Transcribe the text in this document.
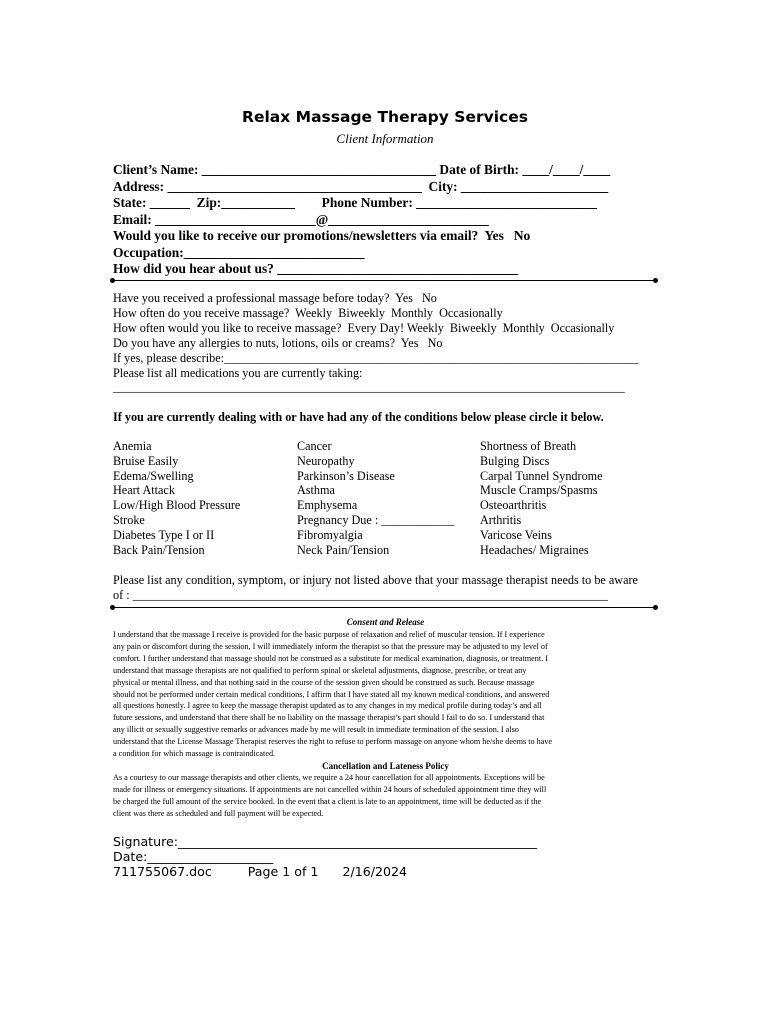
Relax Massage Therapy Services
Client Information
Client’s Name: ___________________________________ Date of Birth: ____/____/____
Address: ______________________________________  City: ______________________
State: ______  Zip:___________        Phone Number: ___________________________
Email: ________________________@________________________
Would you like to receive our promotions/newsletters via email?  Yes   No
Occupation:___________________________
How did you hear about us? ____________________________________
Have you received a professional massage before today?  Yes   No
How often do you receive massage?  Weekly  Biweekly  Monthly  Occasionally
How often would you like to receive massage?  Every Day! Weekly  Biweekly  Monthly  Occasionally
Do you have any allergies to nuts, lotions, oils or creams?  Yes   No
If yes, please describe:____________________________________________________________________
Please list all medications you are currently taking:
____________________________________________________________________________________
If you are currently dealing with or have had any of the conditions below please circle it below.
Anemia
Bruise Easily
Edema/Swelling
Heart Attack
Low/High Blood Pressure
Stroke
Diabetes Type I or II
Back Pain/Tension
Cancer
Neuropathy
Parkinson’s Disease
Asthma
Emphysema
Pregnancy Due : ____________
Fibromyalgia
Neck Pain/Tension
Shortness of Breath
Bulging Discs
Carpal Tunnel Syndrome
Muscle Cramps/Spasms
Osteoarthritis
Arthritis
Varicose Veins
Headaches/ Migraines
Please list any condition, symptom, or injury not listed above that your massage therapist needs to be aware
of : ______________________________________________________________________________
Consent and Release
I understand that the massage I receive is provided for the basic purpose of relaxation and relief of muscular tension. If I experience
any pain or discomfort during the session, I will immediately inform the therapist so that the pressure may be adjusted to my level of
comfort. I further understand that massage should not be construed as a substitute for medical examination, diagnosis, or treatment. I
understand that massage therapists are not qualified to perform spinal or skeletal adjustments, diagnose, prescribe, or treat any
physical or mental illness, and that nothing said in the course of the session given should be construed as such. Because massage
should not be performed under certain medical conditions, I affirm that I have stated all my known medical conditions, and answered
all questions honestly. I agree to keep the massage therapist updated as to any changes in my medical profile during today’s and all
future sessions, and understand that there shall be no liability on the massage therapist’s part should I fail to do so. I understand that
any illicit or sexually suggestive remarks or advances made by me will result in immediate termination of the session. I also
understand that the License Massage Therapist reserves the right to refuse to perform massage on anyone whom he/she deems to have
a condition for which massage is contraindicated.
Cancellation and Lateness Policy
As a courtesy to our massage therapists and other clients, we require a 24 hour cancellation for all appointments. Exceptions will be
made for illness or emergency situations. If appointments are not cancelled within 24 hours of scheduled appointment time they will
be charged the full amount of the service booked. In the event that a client is late to an appointment, time will be deducted as if the
client was there as scheduled and full payment will be expected.
Signature:_________________________________________________________
Date:____________________
711755067.doc         Page 1 of 1      2/16/2024
